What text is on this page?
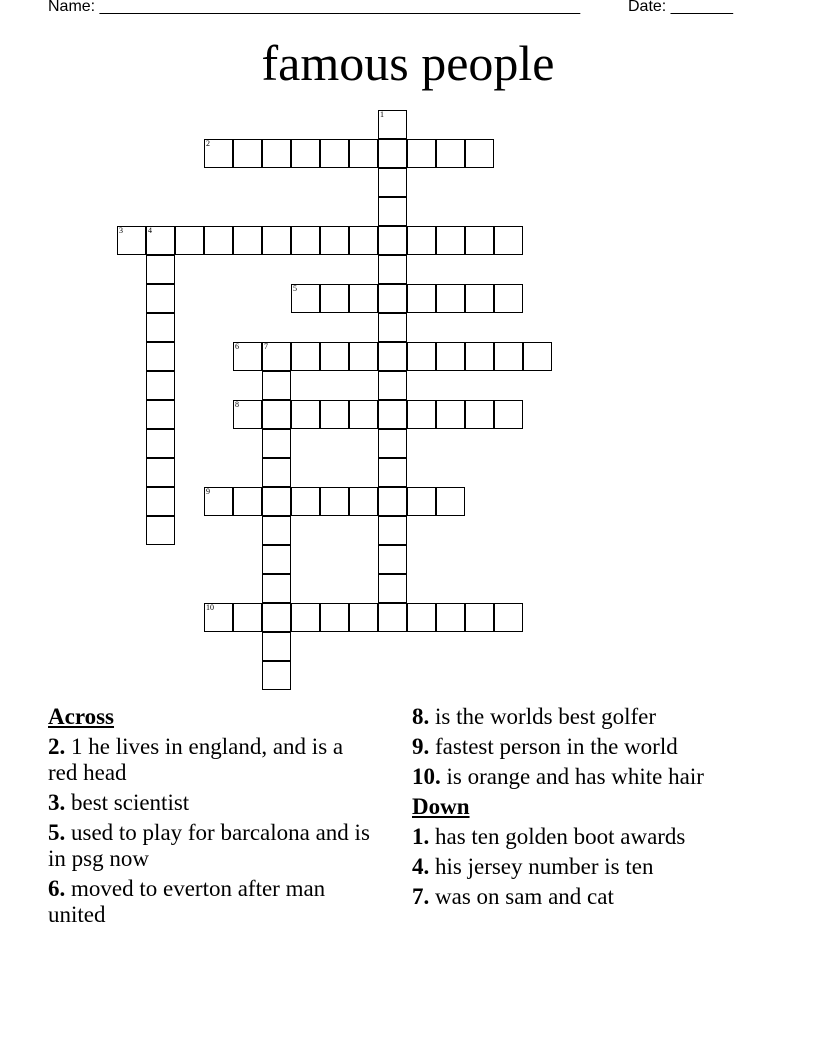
Name: ______________________________________________________	Date: _______
famous people
1
2
3	4
5
6	7
8
9
10
Across
2. 1 he lives in england, and is a red head
3. best scientist
5. used to play for barcalona and is in psg now
6. moved to everton after man united
8. is the worlds best golfer
9. fastest person in the world
10. is orange and has white hair
Down
1. has ten golden boot awards
4. his jersey number is ten
7. was on sam and cat
